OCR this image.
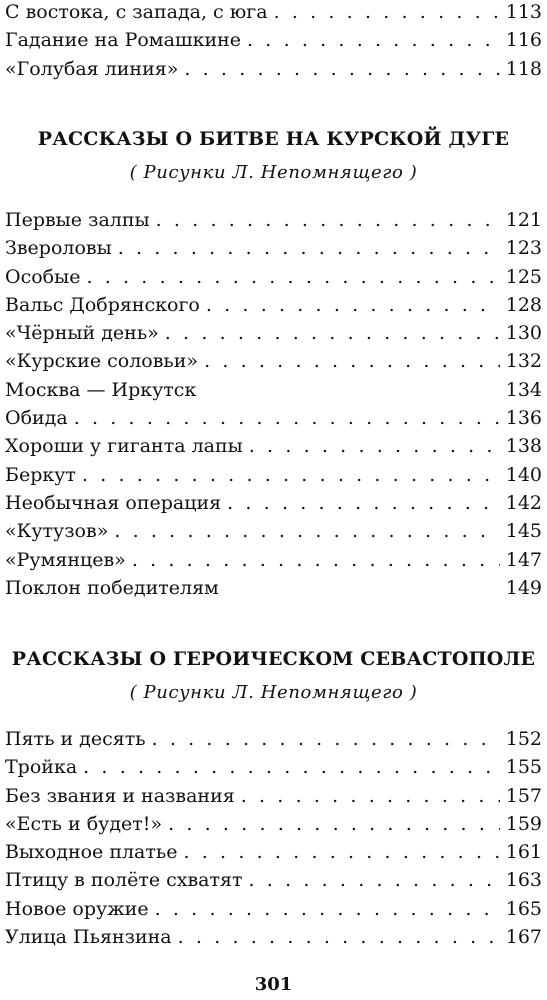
С востока, с запада, с юга . . .	113
Гадание на Ромашкине . . .	116
«Голубая линия» . . .	118
РАССКАЗЫ О БИТВЕ НА КУРСКОЙ ДУГЕ
( Рисунки Л. Непомнящего )
Первые залпы . . .	121
Звероловы . . .	123
Особые . . .	125
Вальс Добрянского . . .	128
«Чёрный день» . . .	130
«Курские соловьи» . . .	132
Москва — Иркутск	134
Обида . . .	136
Хороши у гиганта лапы . . .	138
Беркут . . .	140
Необычная операция . . .	142
«Кутузов» . . .	145
«Румянцев» . . .	147
Поклон победителям	149
РАССКАЗЫ О ГЕРОИЧЕСКОМ СЕВАСТОПОЛЕ
( Рисунки Л. Непомнящего )
Пять и десять . . .	152
Тройка . . .	155
Без звания и названия . . .	157
«Есть и будет!» . . .	159
Выходное платье . . .	161
Птицу в полёте схватят . . .	163
Новое оружие . . .	165
Улица Пьянзина . . .	167
301
